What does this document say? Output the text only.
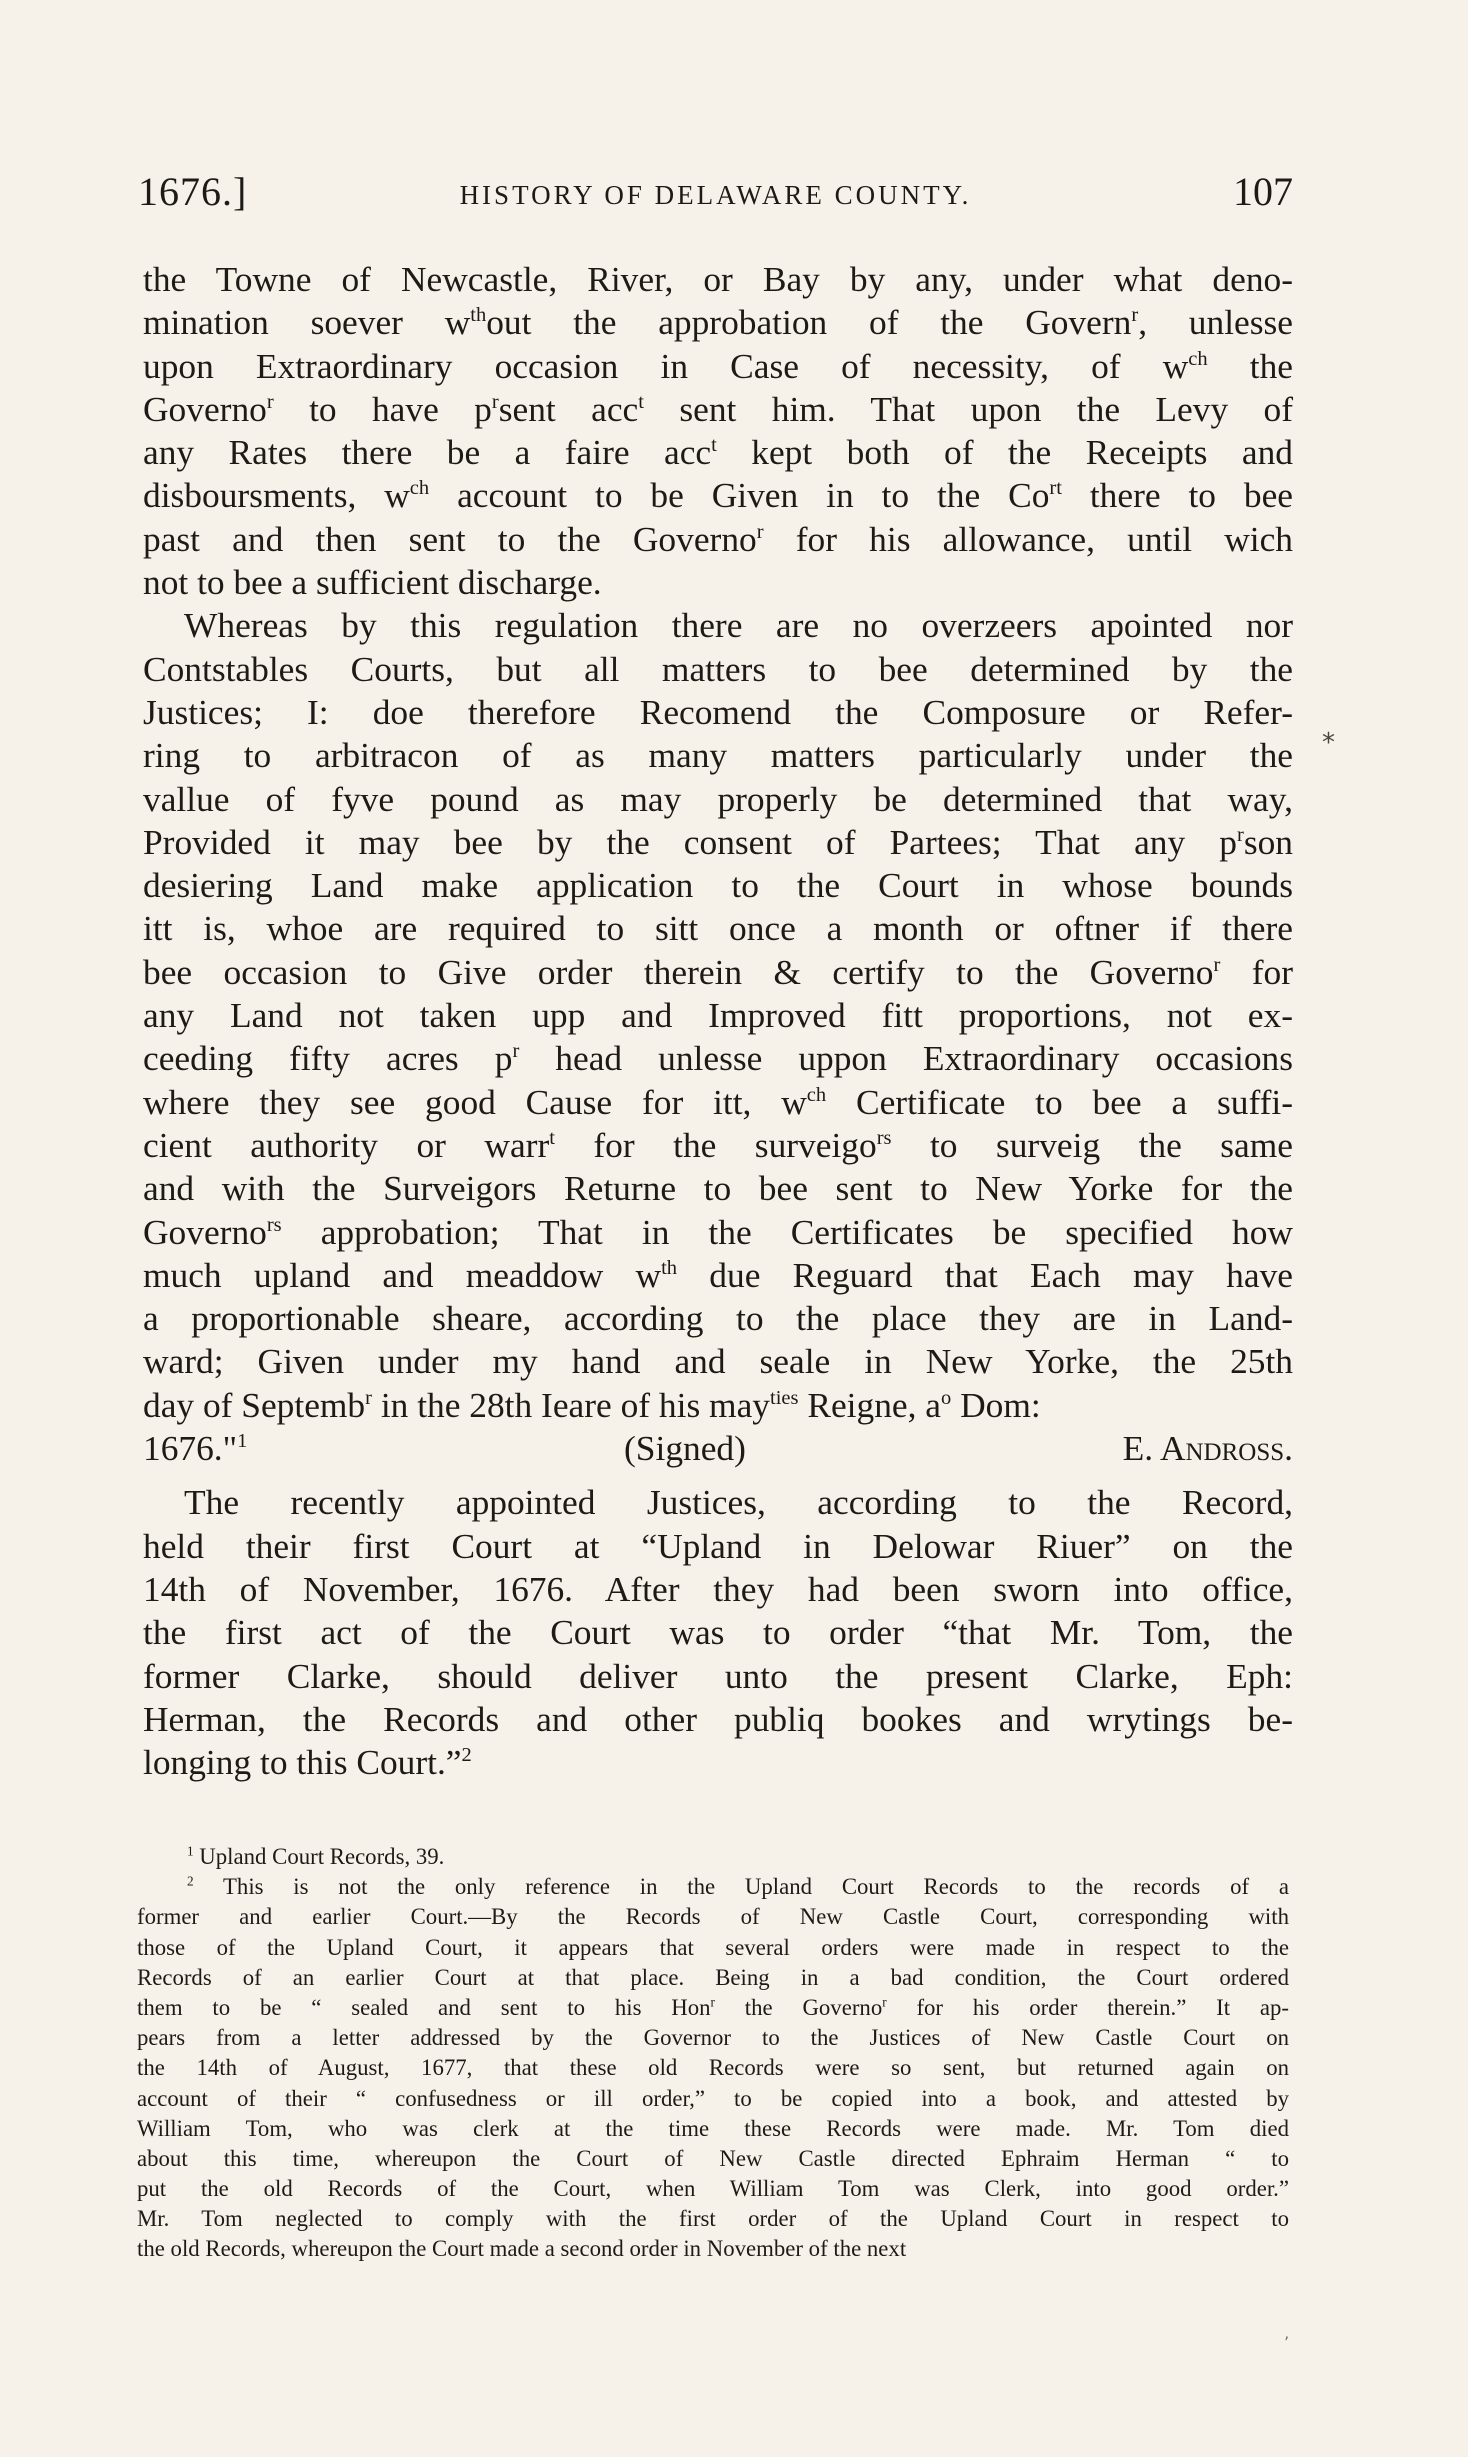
1676.]	HISTORY OF DELAWARE COUNTY.	107
*
the Towne of Newcastle, River, or Bay by any, under what deno-
mination soever $w^{th}out$ the approbation of the Govern$^r$, unlesse
upon Extraordinary occasion in Case of necessity, of $w^{ch}$ the
Governo$^r$ to have $p^rsent$ acc$^t$ sent him. That upon the Levy of
any Rates there be a faire acc$^t$ kept both of the Receipts and
disboursments, $w^{ch}$ account to be Given in to the $Co^{rt}$ there to bee
past and then sent to the Governo$^r$ for his allowance, until wich
not to bee a sufficient discharge.
Whereas by this regulation there are no overzeers apointed nor
Contstables Courts, but all matters to bee determined by the
Justices; I: doe therefore Recomend the Composure or Refer-
ring to arbitracon of as many matters particularly under the
vallue of fyve pound as may properly be determined that way,
Provided it may bee by the consent of Partees; That any $p^rson$
desiering Land make application to the Court in whose bounds
itt is, whoe are required to sitt once a month or oftner if there
bee occasion to Give order therein & certify to the Governo$^r$ for
any Land not taken upp and Improved fitt proportions, not ex-
ceeding fifty acres $p^r$ head unlesse uppon Extraordinary occasions
where they see good Cause for itt, $w^{ch}$ Certificate to bee a suffi-
cient authority or warr$^t$ for the surveigo$^{rs}$ to surveig the same
and with the Surveigors Returne to bee sent to New Yorke for the
Governo$^{rs}$ approbation; That in the Certificates be specified how
much upland and meaddow $w^{th}$ due Reguard that Each may have
a proportionable sheare, according to the place they are in Land-
ward; Given under my hand and seale in New Yorke, the 25th
day of Septemb$^r$ in the 28th Ieare of his may$^{ties}$ Reigne, $a^o$ Dom:
1676."$^1$	(Signed)	E. Andross.
The recently appointed Justices, according to the Record,
held their first Court at “Upland in Delowar Riuer” on the
14th of November, 1676. After they had been sworn into office,
the first act of the Court was to order “that Mr. Tom, the
former Clarke, should deliver unto the present Clarke, Eph:
Herman, the Records and other publiq bookes and wrytings be-
longing to this Court.”$^2$
$^1$ Upland Court Records, 39.
$^2$ This is not the only reference in the Upland Court Records to the records of a
former and earlier Court.—By the Records of New Castle Court, corresponding with
those of the Upland Court, it appears that several orders were made in respect to the
Records of an earlier Court at that place. Being in a bad condition, the Court ordered
them to be “ sealed and sent to his Hon$^r$ the Governo$^r$ for his order therein.” It ap-
pears from a letter addressed by the Governor to the Justices of New Castle Court on
the 14th of August, 1677, that these old Records were so sent, but returned again on
account of their “ confusedness or ill order,” to be copied into a book, and attested by
William Tom, who was clerk at the time these Records were made. Mr. Tom died
about this time, whereupon the Court of New Castle directed Ephraim Herman “ to
put the old Records of the Court, when William Tom was Clerk, into good order.”
Mr. Tom neglected to comply with the first order of the Upland Court in respect to
the old Records, whereupon the Court made a second order in November of the next
’
